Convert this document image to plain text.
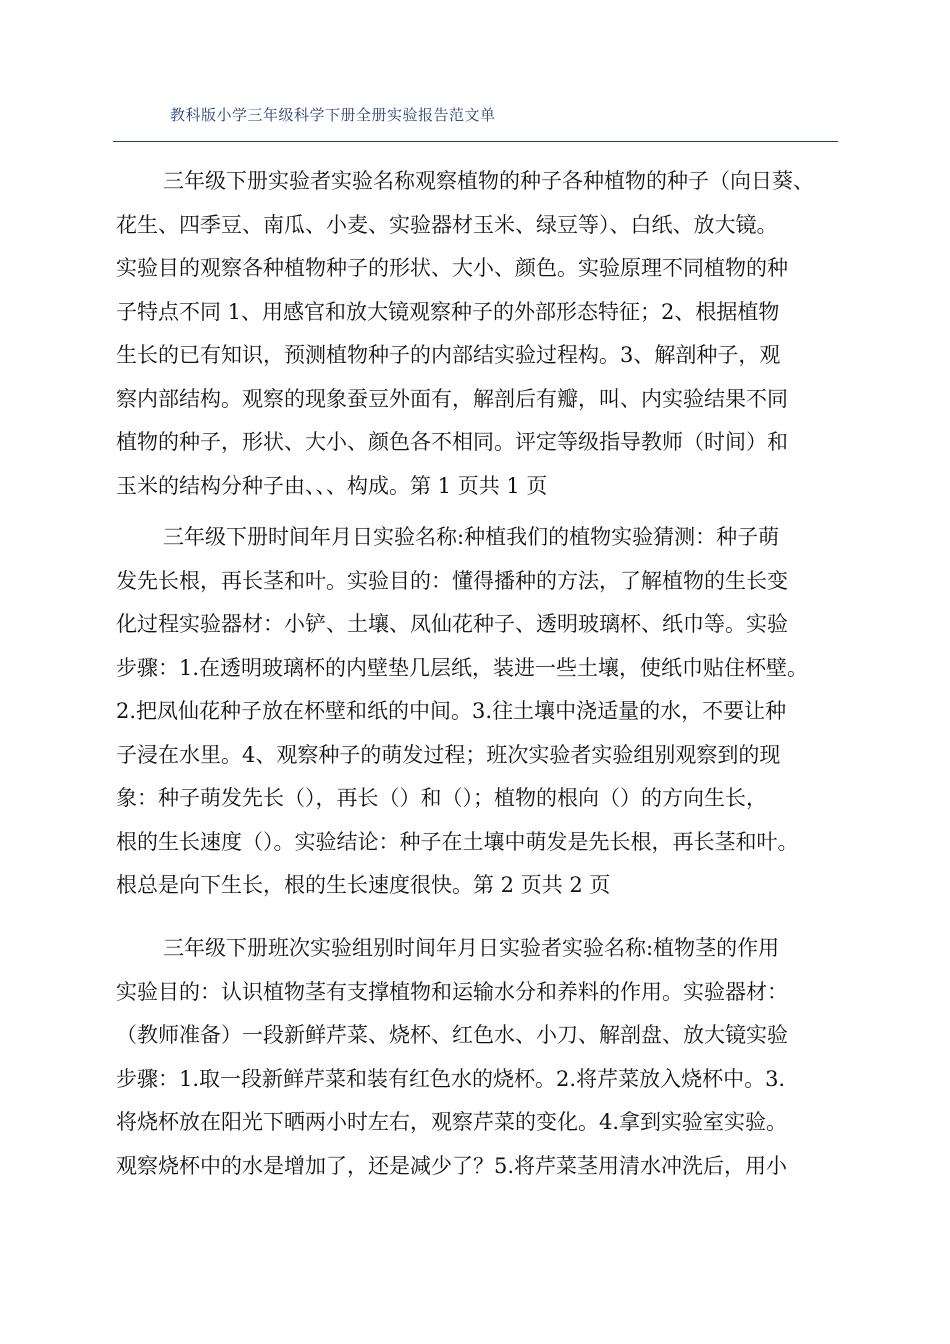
教科版小学三年级科学下册全册实验报告范文单
三年级下册实验者实验名称观察植物的种子各种植物的种子（向日葵、
花生、四季豆、南瓜、小麦、实验器材玉米、绿豆等）、白纸、放大镜。
实验目的观察各种植物种子的形状、大小、颜色。实验原理不同植物的种
子特点不同 1、用感官和放大镜观察种子的外部形态特征；2、根据植物
生长的已有知识，预测植物种子的内部结实验过程构。3、解剖种子，观
察内部结构。观察的现象蚕豆外面有，解剖后有瓣，叫、内实验结果不同
植物的种子，形状、大小、颜色各不相同。评定等级指导教师（时间）和
玉米的结构分种子由、、、构成。第 1 页共 1 页
三年级下册时间年月日实验名称:种植我们的植物实验猜测：种子萌
发先长根，再长茎和叶。实验目的：懂得播种的方法，了解植物的生长变
化过程实验器材：小铲、土壤、凤仙花种子、透明玻璃杯、纸巾等。实验
步骤：1.在透明玻璃杯的内壁垫几层纸，装进一些土壤，使纸巾贴住杯壁。
2.把凤仙花种子放在杯壁和纸的中间。3.往土壤中浇适量的水，不要让种
子浸在水里。4、观察种子的萌发过程；班次实验者实验组别观察到的现
象：种子萌发先长（），再长（）和（）；植物的根向（）的方向生长，
根的生长速度（）。实验结论：种子在土壤中萌发是先长根，再长茎和叶。
根总是向下生长，根的生长速度很快。第 2 页共 2 页
三年级下册班次实验组别时间年月日实验者实验名称:植物茎的作用
实验目的：认识植物茎有支撑植物和运输水分和养料的作用。实验器材：
（教师准备）一段新鲜芹菜、烧杯、红色水、小刀、解剖盘、放大镜实验
步骤：1.取一段新鲜芹菜和装有红色水的烧杯。2.将芹菜放入烧杯中。3.
将烧杯放在阳光下晒两小时左右，观察芹菜的变化。4.拿到实验室实验。
观察烧杯中的水是增加了，还是减少了？5.将芹菜茎用清水冲洗后，用小
